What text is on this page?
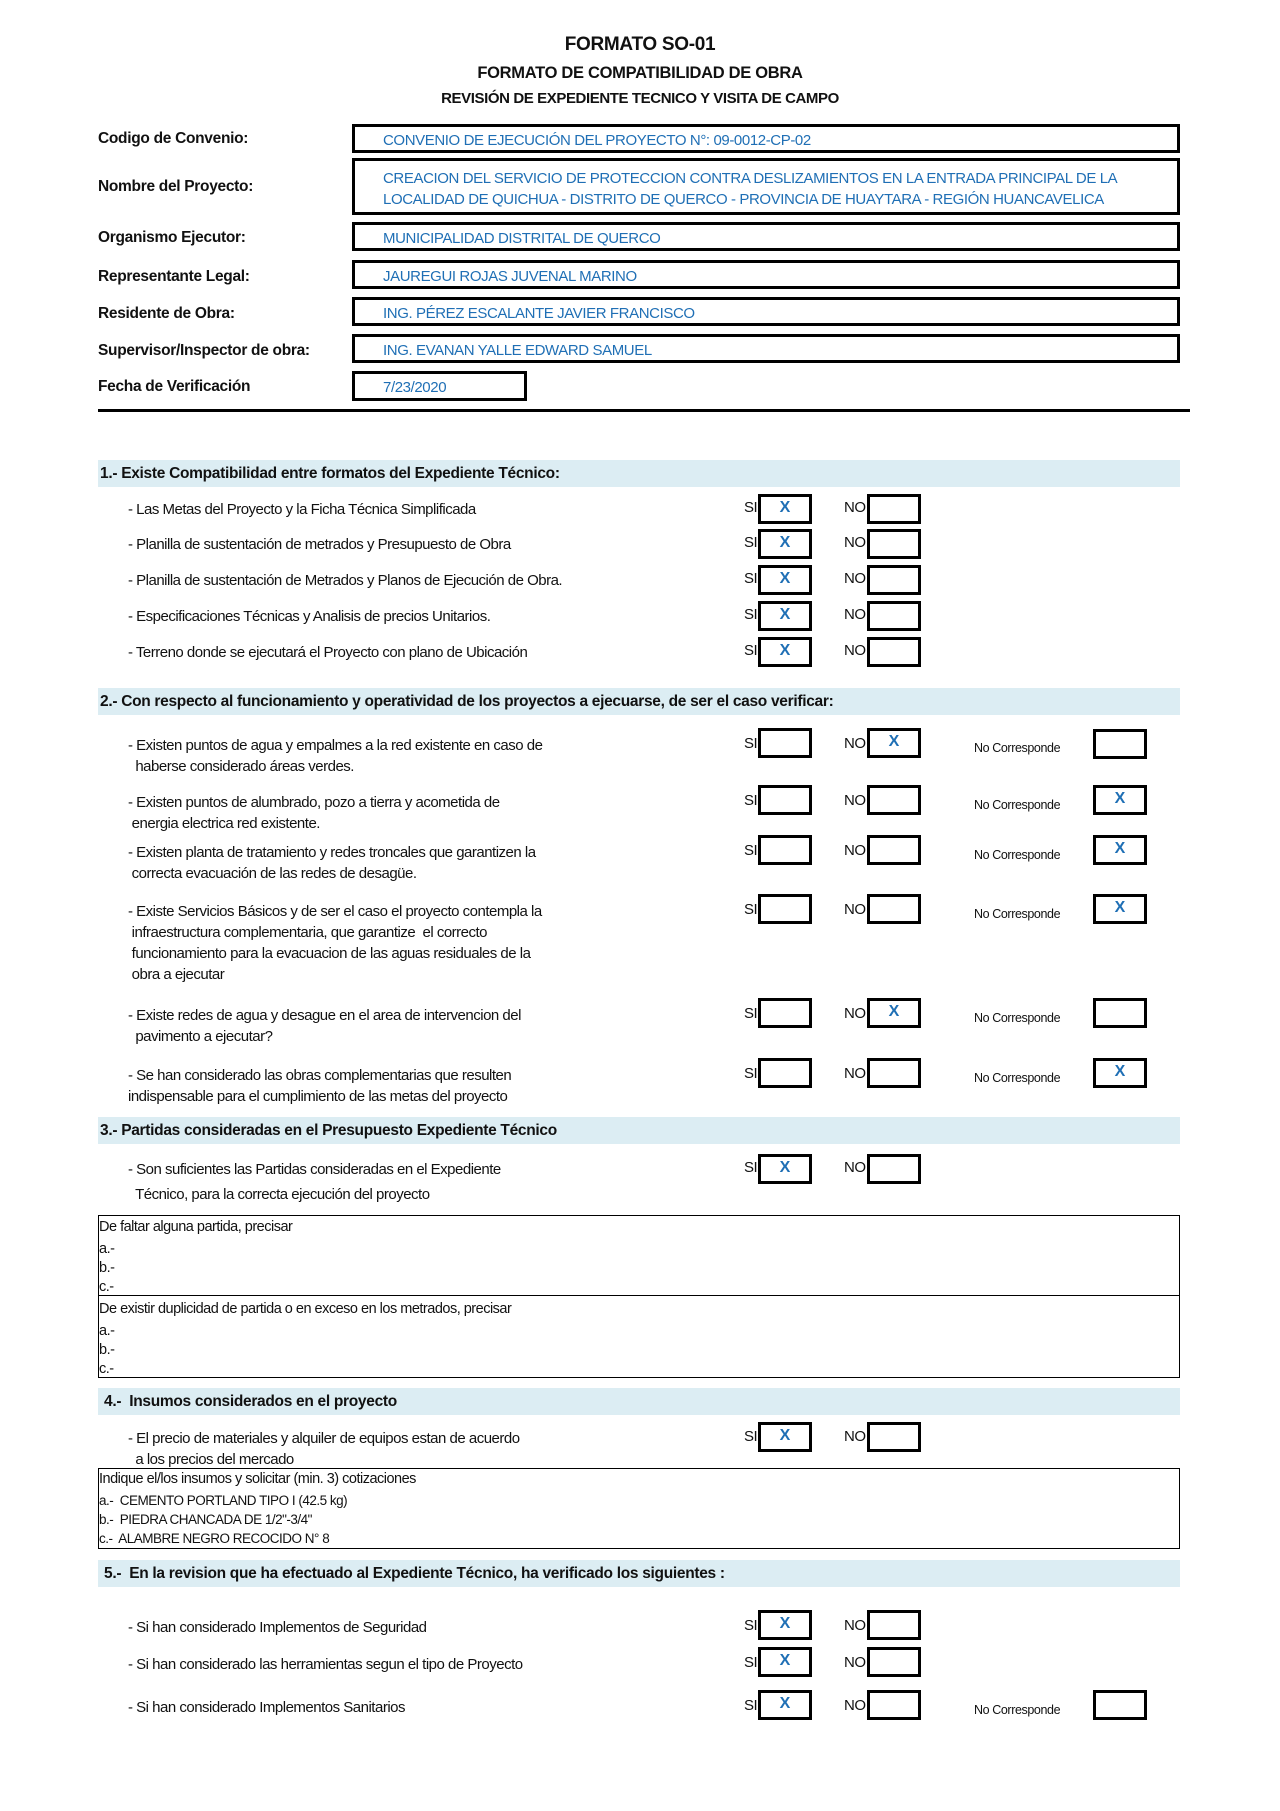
FORMATO SO-01
FORMATO DE COMPATIBILIDAD DE OBRA
REVISIÓN DE EXPEDIENTE TECNICO Y VISITA DE CAMPO
Codigo de Convenio:	CONVENIO DE EJECUCIÓN DEL PROYECTO N°: 09-0012-CP-02
Nombre del Proyecto:	CREACION DEL SERVICIO DE PROTECCION CONTRA DESLIZAMIENTOS EN LA ENTRADA PRINCIPAL DE LA
LOCALIDAD DE QUICHUA - DISTRITO DE QUERCO - PROVINCIA DE HUAYTARA - REGIÓN HUANCAVELICA
Organismo Ejecutor:	MUNICIPALIDAD DISTRITAL DE QUERCO
Representante Legal:	JAUREGUI ROJAS JUVENAL MARINO
Residente de Obra:	ING. PÉREZ ESCALANTE JAVIER FRANCISCO
Supervisor/Inspector de obra:	ING. EVANAN YALLE EDWARD SAMUEL
Fecha de Verificación	7/23/2020
1.- Existe Compatibilidad entre formatos del Expediente Técnico:
- Las Metas del Proyecto y la Ficha Técnica Simplificada	SI	X	NO
- Planilla de sustentación de metrados y Presupuesto de Obra	SI	X	NO
- Planilla de sustentación de Metrados y Planos de Ejecución de Obra.	SI	X	NO
- Especificaciones Técnicas y Analisis de precios Unitarios.	SI	X	NO
- Terreno donde se ejecutará el Proyecto con plano de Ubicación	SI	X	NO
2.- Con respecto al funcionamiento y operatividad de los proyectos a ejecuarse, de ser el caso verificar:
- Existen puntos de agua y empalmes a la red existente en caso de
haberse considerado áreas verdes.
SI	NO	X	No Corresponde
- Existen puntos de alumbrado, pozo a tierra y acometida de
energia electrica red existente.
SI	NO	No Corresponde	X
- Existen planta de tratamiento y redes troncales que garantizen la
correcta evacuación de las redes de desagüe.
SI	NO	No Corresponde	X
- Existe Servicios Básicos y de ser el caso el proyecto contempla la
infraestructura complementaria, que garantize  el correcto
funcionamiento para la evacuacion de las aguas residuales de la
obra a ejecutar
SI	NO	No Corresponde	X
- Existe redes de agua y desague en el area de intervencion del
pavimento a ejecutar?
SI	NO	X	No Corresponde
- Se han considerado las obras complementarias que resulten
indispensable para el cumplimiento de las metas del proyecto
SI	NO	No Corresponde	X
3.- Partidas consideradas en el Presupuesto Expediente Técnico
- Son suficientes las Partidas consideradas en el Expediente
Técnico, para la correcta ejecución del proyecto
SI	X	NO
De faltar alguna partida, precisar
a.-
b.-
c.-
De existir duplicidad de partida o en exceso en los metrados, precisar
a.-
b.-
c.-
4.-  Insumos considerados en el proyecto
- El precio de materiales y alquiler de equipos estan de acuerdo
a los precios del mercado
SI	X	NO
Indique el/los insumos y solicitar (min. 3) cotizaciones
a.- CEMENTO PORTLAND TIPO I (42.5 kg)
b.- PIEDRA CHANCADA DE 1/2"-3/4"
c.- ALAMBRE NEGRO RECOCIDO N° 8
5.-  En la revision que ha efectuado al Expediente Técnico, ha verificado los siguientes :
- Si han considerado Implementos de Seguridad	SI	X	NO
- Si han considerado las herramientas segun el tipo de Proyecto	SI	X	NO
- Si han considerado Implementos Sanitarios	SI	X	NO	No Corresponde
